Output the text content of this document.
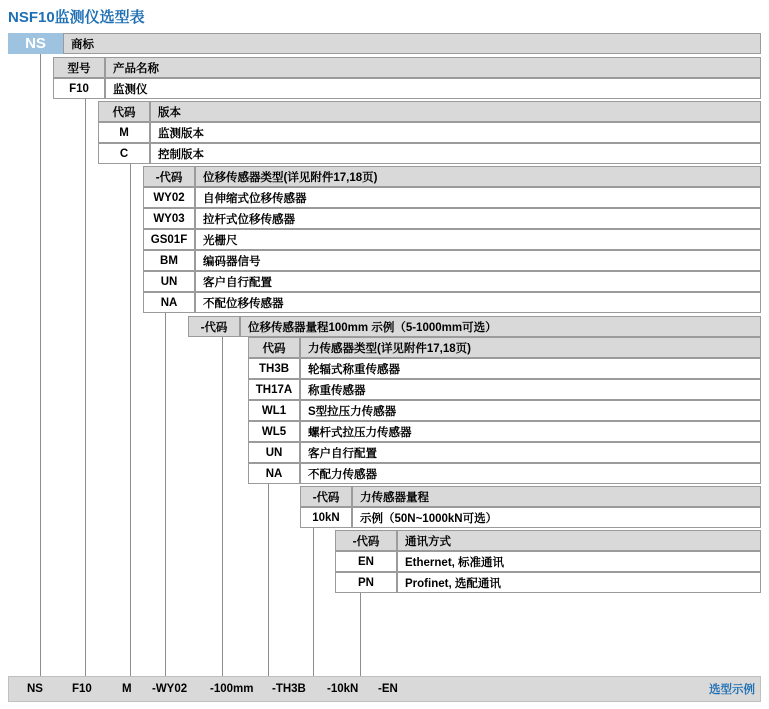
NSF10监测仪选型表
NS	商标
型号	产品名称
F10	监测仪
代码	版本
M	监测版本
C	控制版本
-代码	位移传感器类型(详见附件17,18页)
WY02	自伸缩式位移传感器
WY03	拉杆式位移传感器
GS01F	光栅尺
BM	编码器信号
UN	客户自行配置
NA	不配位移传感器
-代码	位移传感器量程100mm 示例（5-1000mm可选）
代码	力传感器类型(详见附件17,18页)
TH3B	轮辐式称重传感器
TH17A	称重传感器
WL1	S型拉压力传感器
WL5	螺杆式拉压力传感器
UN	客户自行配置
NA	不配力传感器
-代码	力传感器量程
10kN	示例（50N~1000kN可选）
-代码	通讯方式
EN	Ethernet, 标准通讯
PN	Profinet, 选配通讯
NS	F10	M -WY02 -100mm -TH3B -10kN -EN	选型示例
